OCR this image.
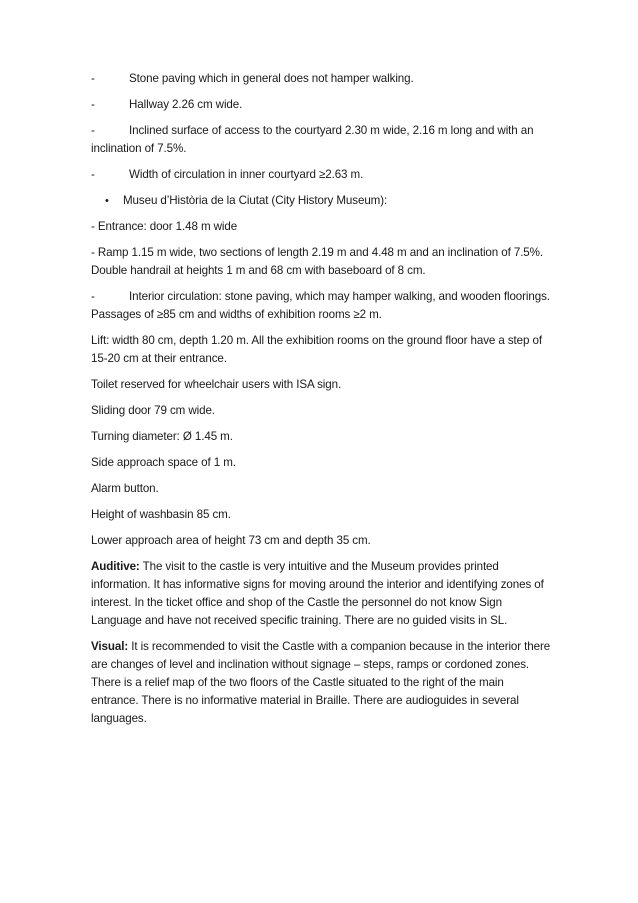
-	Stone paving which in general does not hamper walking.
-	Hallway 2.26 cm wide.

-	Inclined surface of access to the courtyard 2.30 m wide, 2.16 m long and with an inclination of 7.5%.

-	Width of circulation in inner courtyard ≥2.63 m.
•	Museu d’Història de la Ciutat (City History Museum):

- Entrance: door 1.48 m wide

- Ramp 1.15 m wide, two sections of length 2.19 m and 4.48 m and an inclination of 7.5%. Double handrail at heights 1 m and 68 cm with baseboard of 8 cm.

-	Interior circulation: stone paving, which may hamper walking, and wooden floorings. Passages of ≥85 cm and widths of exhibition rooms ≥2 m.

Lift: width 80 cm, depth 1.20 m. All the exhibition rooms on the ground floor have a step of 15-20 cm at their entrance.

Toilet reserved for wheelchair users with ISA sign.

Sliding door 79 cm wide.

Turning diameter: Ø 1.45 m.

Side approach space of 1 m.

Alarm button.

Height of washbasin 85 cm.

Lower approach area of height 73 cm and depth 35 cm.

Auditive: The visit to the castle is very intuitive and the Museum provides printed information. It has informative signs for moving around the interior and identifying zones of interest. In the ticket office and shop of the Castle the personnel do not know Sign Language and have not received specific training. There are no guided visits in SL.

Visual: It is recommended to visit the Castle with a companion because in the interior there are changes of level and inclination without signage – steps, ramps or cordoned zones. There is a relief map of the two floors of the Castle situated to the right of the main entrance. There is no informative material in Braille. There are audioguides in several languages.
